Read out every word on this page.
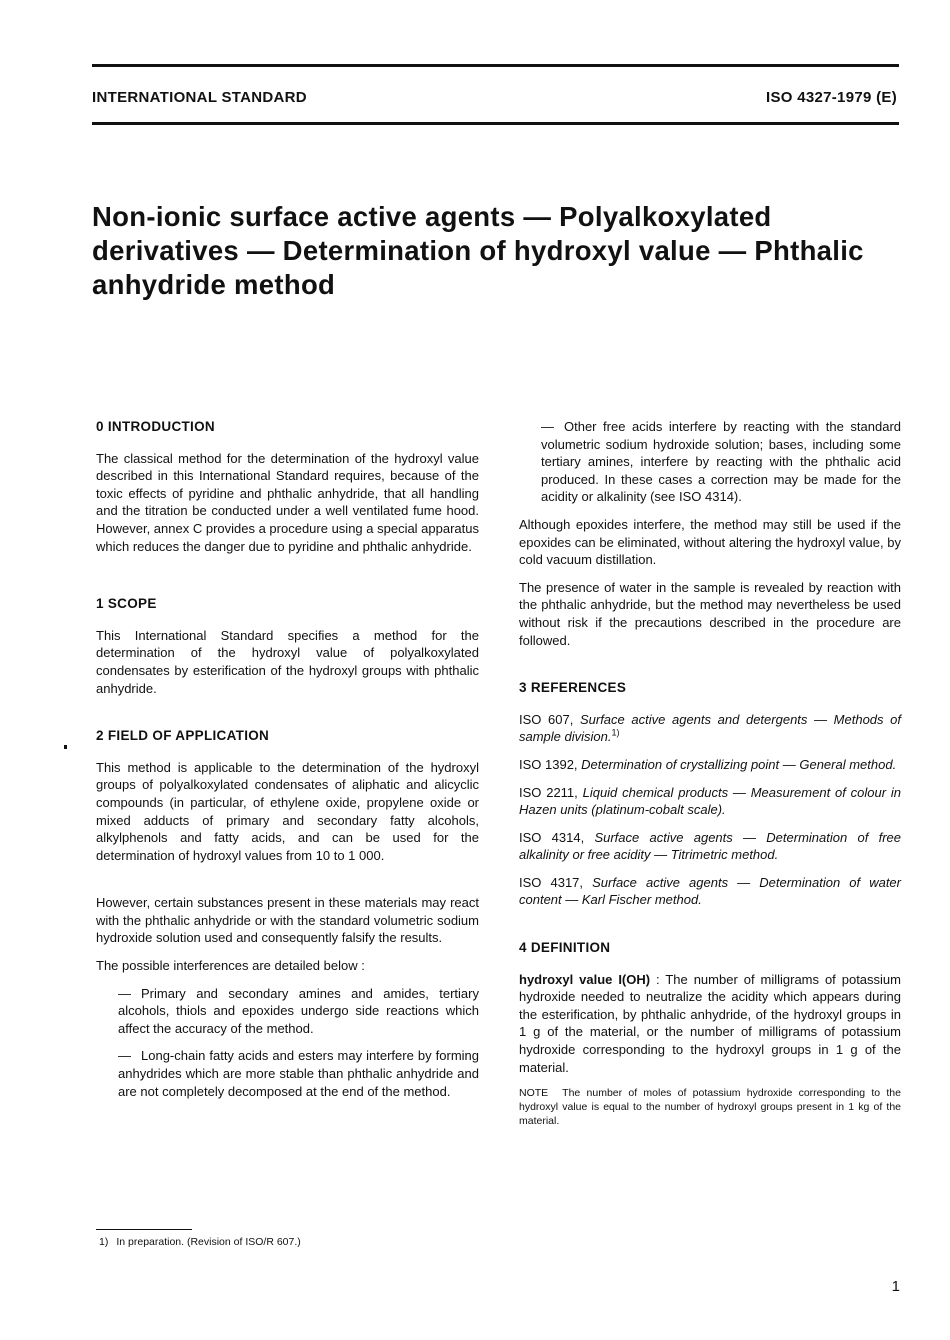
INTERNATIONAL STANDARD	ISO 4327-1979 (E)
Non-ionic surface active agents — Polyalkoxylated derivatives — Determination of hydroxyl value — Phthalic anhydride method
0 INTRODUCTION

The classical method for the determination of the hydroxyl value described in this International Standard requires, because of the toxic effects of pyridine and phthalic anhydride, that all handling and the titration be conducted under a well ventilated fume hood. However, annex C provides a procedure using a special apparatus which reduces the danger due to pyridine and phthalic anhydride.

1 SCOPE

This International Standard specifies a method for the determination of the hydroxyl value of polyalkoxylated condensates by esterification of the hydroxyl groups with phthalic anhydride.

2 FIELD OF APPLICATION

This method is applicable to the determination of the hydroxyl groups of polyalkoxylated condensates of aliphatic and alicyclic compounds (in particular, of ethylene oxide, propylene oxide or mixed adducts of primary and secondary fatty alcohols, alkylphenols and fatty acids, and can be used for the determination of hydroxyl values from 10 to 1 000.

However, certain substances present in these materials may react with the phthalic anhydride or with the standard volumetric sodium hydroxide solution used and consequently falsify the results.

The possible interferences are detailed below :

— Primary and secondary amines and amides, tertiary alcohols, thiols and epoxides undergo side reactions which affect the accuracy of the method.

— Long-chain fatty acids and esters may interfere by forming anhydrides which are more stable than phthalic anhydride and are not completely decomposed at the end of the method.

— Other free acids interfere by reacting with the standard volumetric sodium hydroxide solution; bases, including some tertiary amines, interfere by reacting with the phthalic acid produced. In these cases a correction may be made for the acidity or alkalinity (see ISO 4314).

Although epoxides interfere, the method may still be used if the epoxides can be eliminated, without altering the hydroxyl value, by cold vacuum distillation.

The presence of water in the sample is revealed by reaction with the phthalic anhydride, but the method may nevertheless be used without risk if the precautions described in the procedure are followed.

3 REFERENCES

ISO 607, Surface active agents and detergents — Methods of sample division.$^{1)}$

ISO 1392, Determination of crystallizing point — General method.

ISO 2211, Liquid chemical products — Measurement of colour in Hazen units (platinum-cobalt scale).

ISO 4314, Surface active agents — Determination of free alkalinity or free acidity — Titrimetric method.

ISO 4317, Surface active agents — Determination of water content — Karl Fischer method.

4 DEFINITION

hydroxyl value I(OH) : The number of milligrams of potassium hydroxide needed to neutralize the acidity which appears during the esterification, by phthalic anhydride, of the hydroxyl groups in 1 g of the material, or the number of milligrams of potassium hydroxide corresponding to the hydroxyl groups in 1 g of the material.

NOTE The number of moles of potassium hydroxide corresponding to the hydroxyl value is equal to the number of hydroxyl groups present in 1 kg of the material.

1) In preparation. (Revision of ISO/R 607.)
1
